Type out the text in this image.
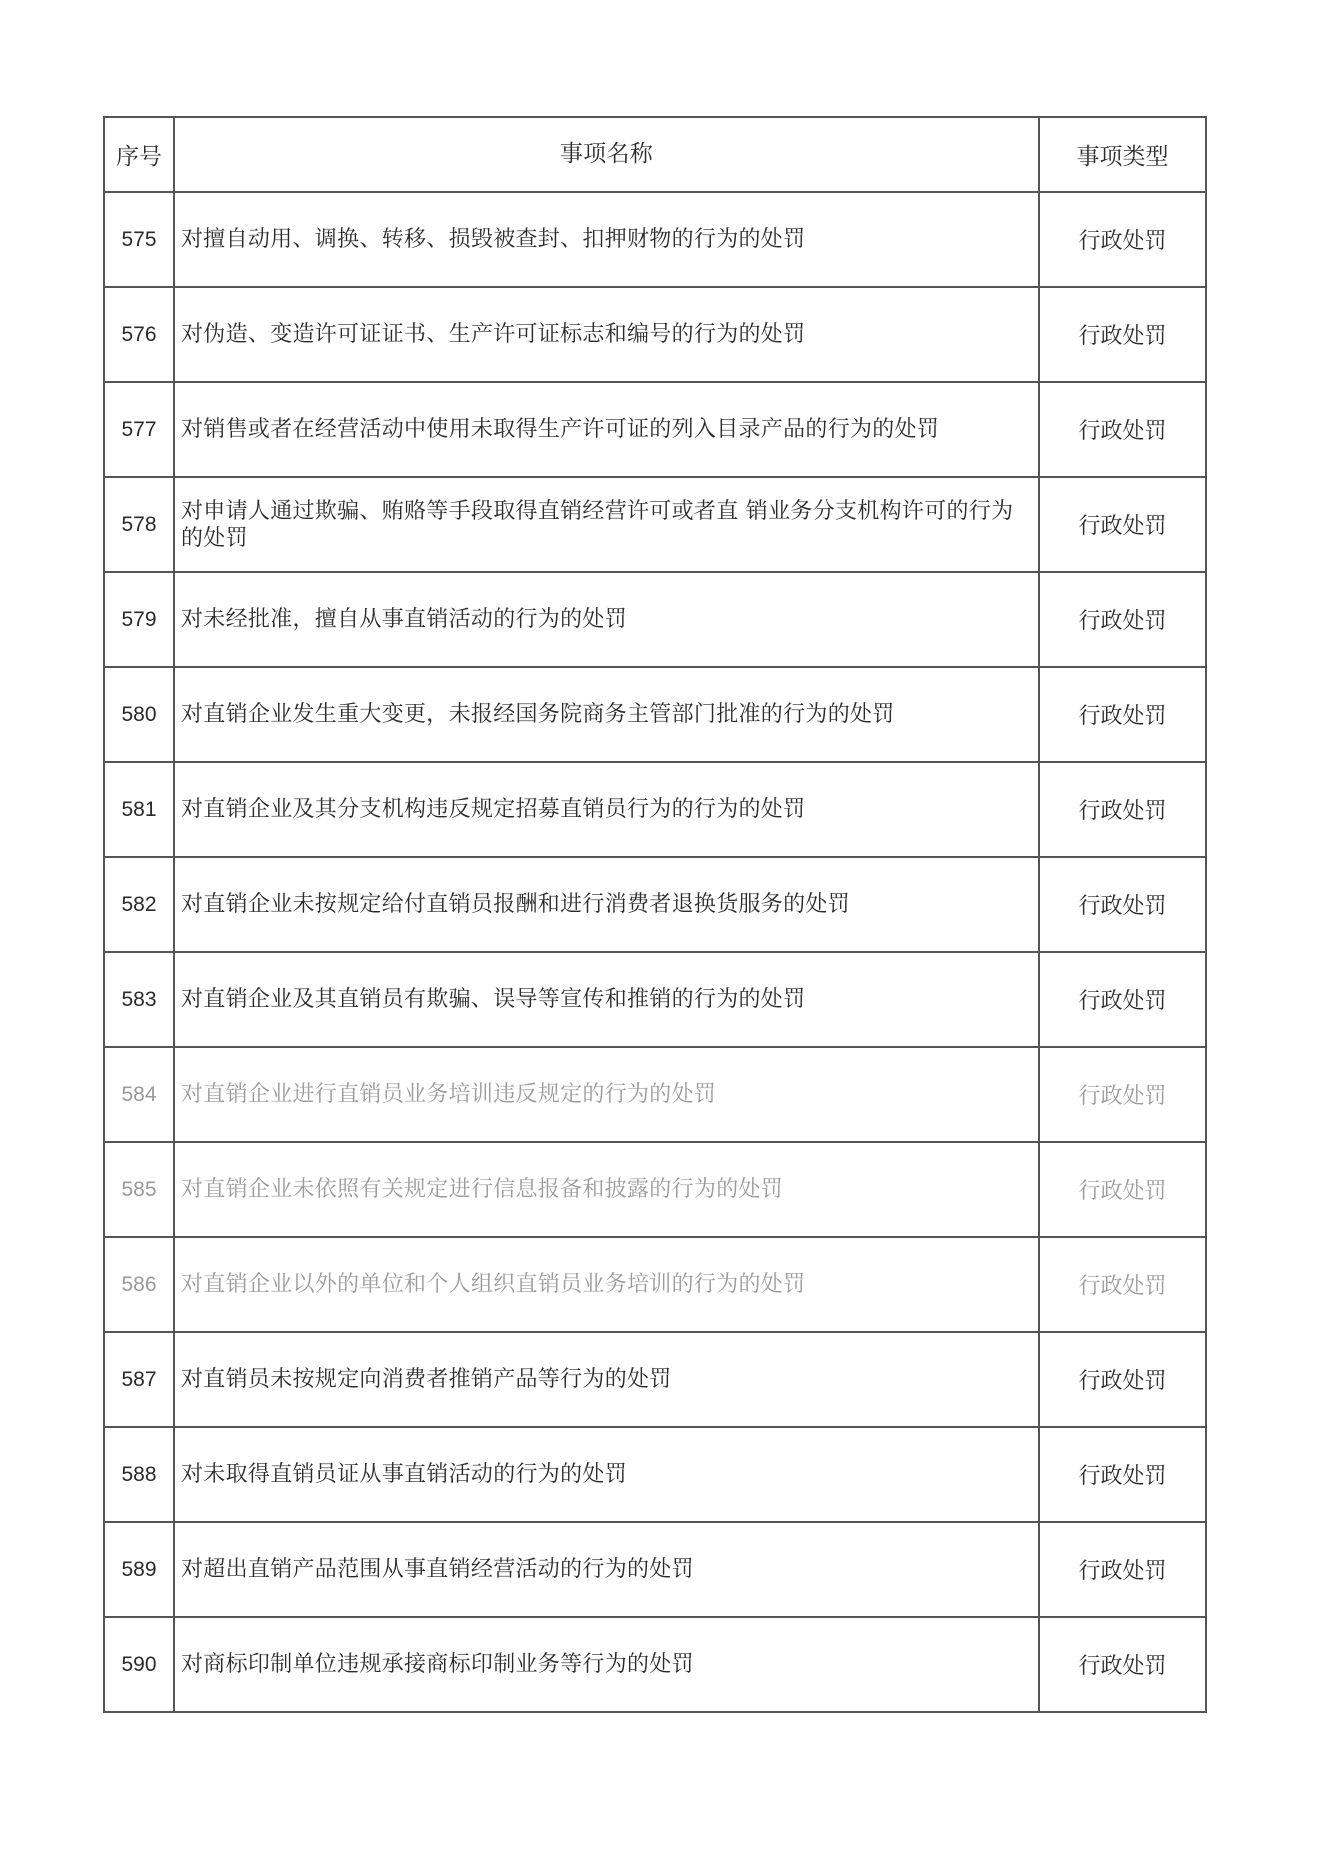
序号	事项名称	事项类型
575	对擅自动用、调换、转移、损毁被查封、扣押财物的行为的处罚	行政处罚
576	对伪造、变造许可证证书、生产许可证标志和编号的行为的处罚	行政处罚
577	对销售或者在经营活动中使用未取得生产许可证的列入目录产品的行为的处罚	行政处罚
578	对申请人通过欺骗、贿赂等手段取得直销经营许可或者直 销业务分支机构许可的行为的处罚	行政处罚
579	对未经批准，擅自从事直销活动的行为的处罚	行政处罚
580	对直销企业发生重大变更，未报经国务院商务主管部门批准的行为的处罚	行政处罚
581	对直销企业及其分支机构违反规定招募直销员行为的行为的处罚	行政处罚
582	对直销企业未按规定给付直销员报酬和进行消费者退换货服务的处罚	行政处罚
583	对直销企业及其直销员有欺骗、误导等宣传和推销的行为的处罚	行政处罚
584	对直销企业进行直销员业务培训违反规定的行为的处罚	行政处罚
585	对直销企业未依照有关规定进行信息报备和披露的行为的处罚	行政处罚
586	对直销企业以外的单位和个人组织直销员业务培训的行为的处罚	行政处罚
587	对直销员未按规定向消费者推销产品等行为的处罚	行政处罚
588	对未取得直销员证从事直销活动的行为的处罚	行政处罚
589	对超出直销产品范围从事直销经营活动的行为的处罚	行政处罚
590	对商标印制单位违规承接商标印制业务等行为的处罚	行政处罚
